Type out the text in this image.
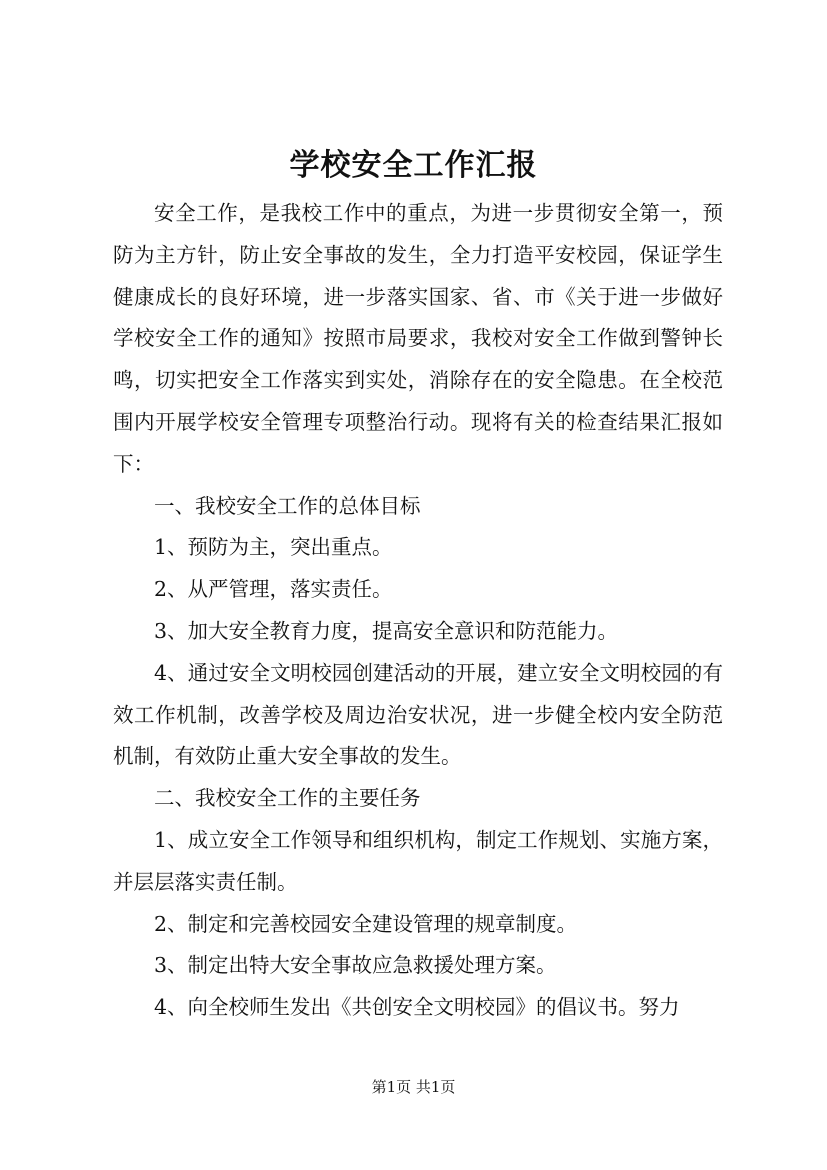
学校安全工作汇报

安全工作，是我校工作中的重点，为进一步贯彻安全第一，预防为主方针，防止安全事故的发生，全力打造平安校园，保证学生健康成长的良好环境，进一步落实国家、省、市《关于进一步做好学校安全工作的通知》按照市局要求，我校对安全工作做到警钟长鸣，切实把安全工作落实到实处，消除存在的安全隐患。在全校范围内开展学校安全管理专项整治行动。现将有关的检查结果汇报如下：

一、我校安全工作的总体目标

1、预防为主，突出重点。

2、从严管理，落实责任。

3、加大安全教育力度，提高安全意识和防范能力。

4、通过安全文明校园创建活动的开展，建立安全文明校园的有效工作机制，改善学校及周边治安状况，进一步健全校内安全防范机制，有效防止重大安全事故的发生。

二、我校安全工作的主要任务

1、成立安全工作领导和组织机构，制定工作规划、实施方案，并层层落实责任制。

2、制定和完善校园安全建设管理的规章制度。

3、制定出特大安全事故应急救援处理方案。

4、向全校师生发出《共创安全文明校园》的倡议书。努力

第1页 共1页
